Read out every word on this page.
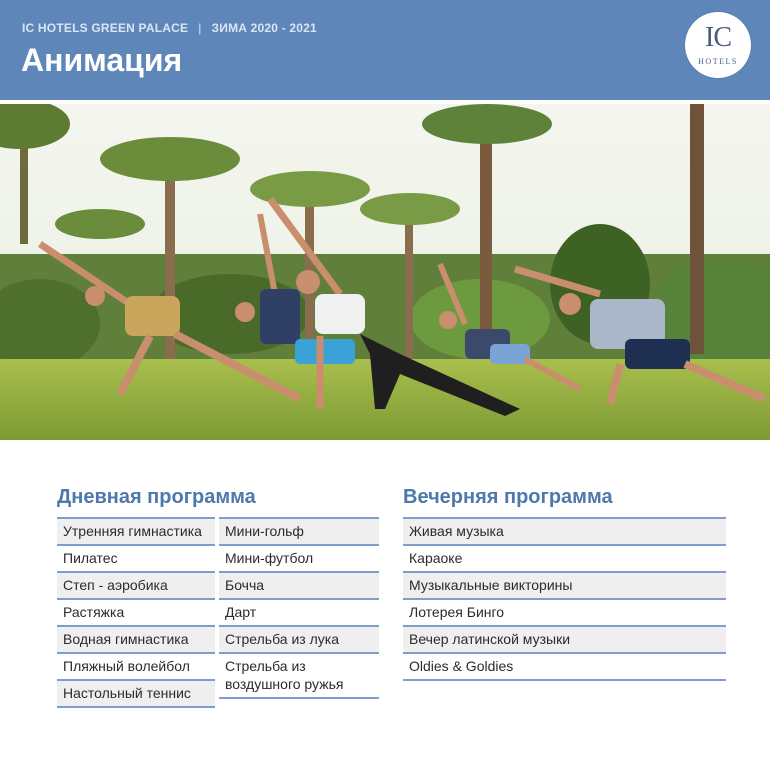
IC HOTELS GREEN PALACE | ЗИМА 2020 - 2021
Анимация
IC
HOTELS
Дневная программа	Вечерняя программа
Утренняя гимнастика
Пилатес
Степ - аэробика
Растяжка
Водная гимнастика
Пляжный волейбол
Настольный теннис
Мини-гольф
Мини-футбол
Бочча
Дарт
Стрельба из лука
Стрельба из воздушного ружья
Живая музыка
Караоке
Музыкальные викторины
Лотерея Бинго
Вечер латинской музыки
Oldies & Goldies
